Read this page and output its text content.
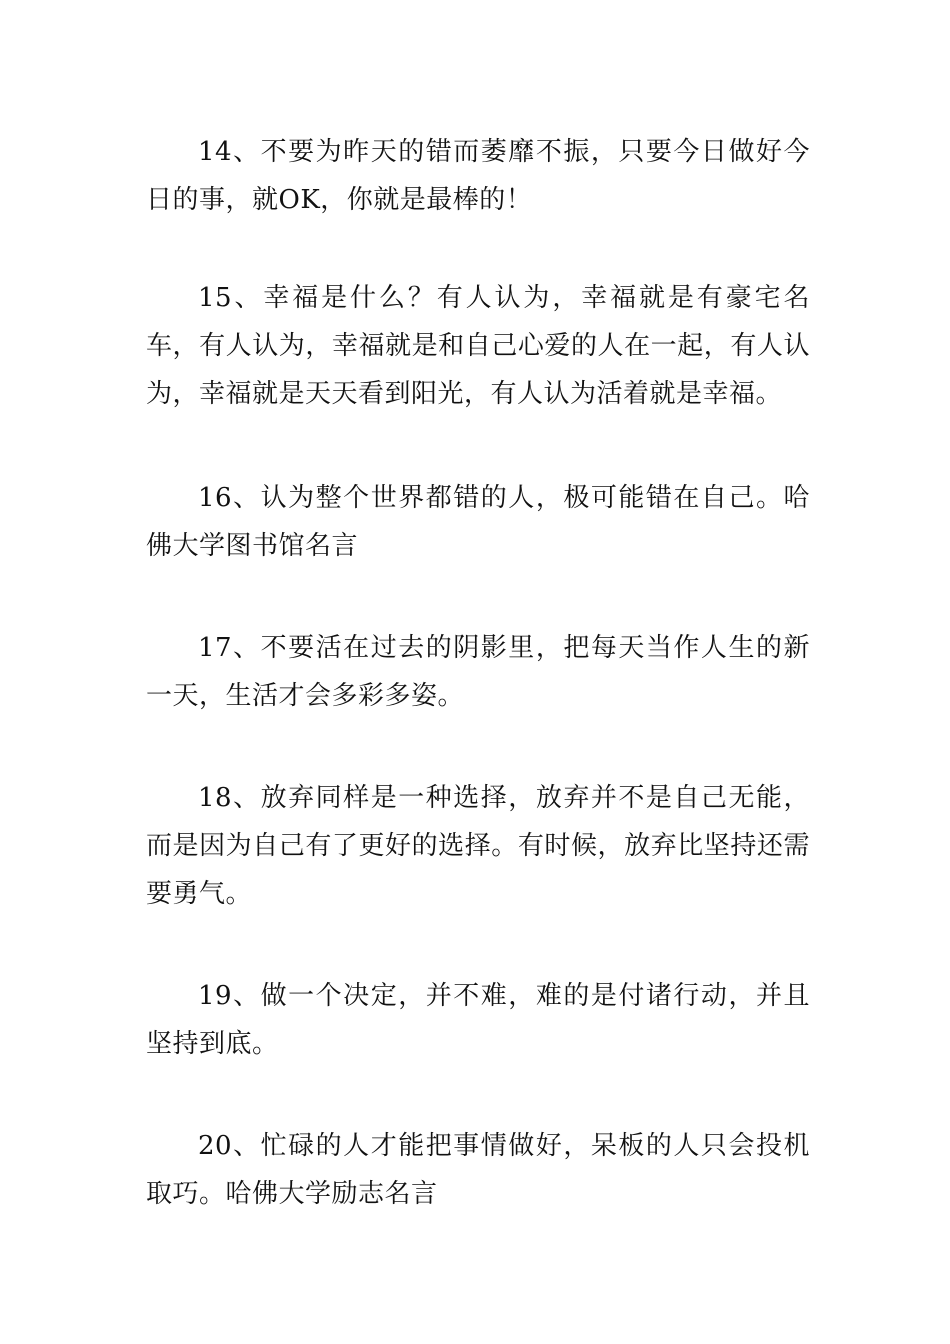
14、不要为昨天的错而萎靡不振，只要今日做好今日的事，就OK，你就是最棒的！

15、幸福是什么？有人认为，幸福就是有豪宅名车，有人认为，幸福就是和自己心爱的人在一起，有人认为，幸福就是天天看到阳光，有人认为活着就是幸福。

16、认为整个世界都错的人，极可能错在自己。哈佛大学图书馆名言

17、不要活在过去的阴影里，把每天当作人生的新一天，生活才会多彩多姿。

18、放弃同样是一种选择，放弃并不是自己无能，而是因为自己有了更好的选择。有时候，放弃比坚持还需要勇气。

19、做一个决定，并不难，难的是付诸行动，并且坚持到底。

20、忙碌的人才能把事情做好，呆板的人只会投机取巧。哈佛大学励志名言
